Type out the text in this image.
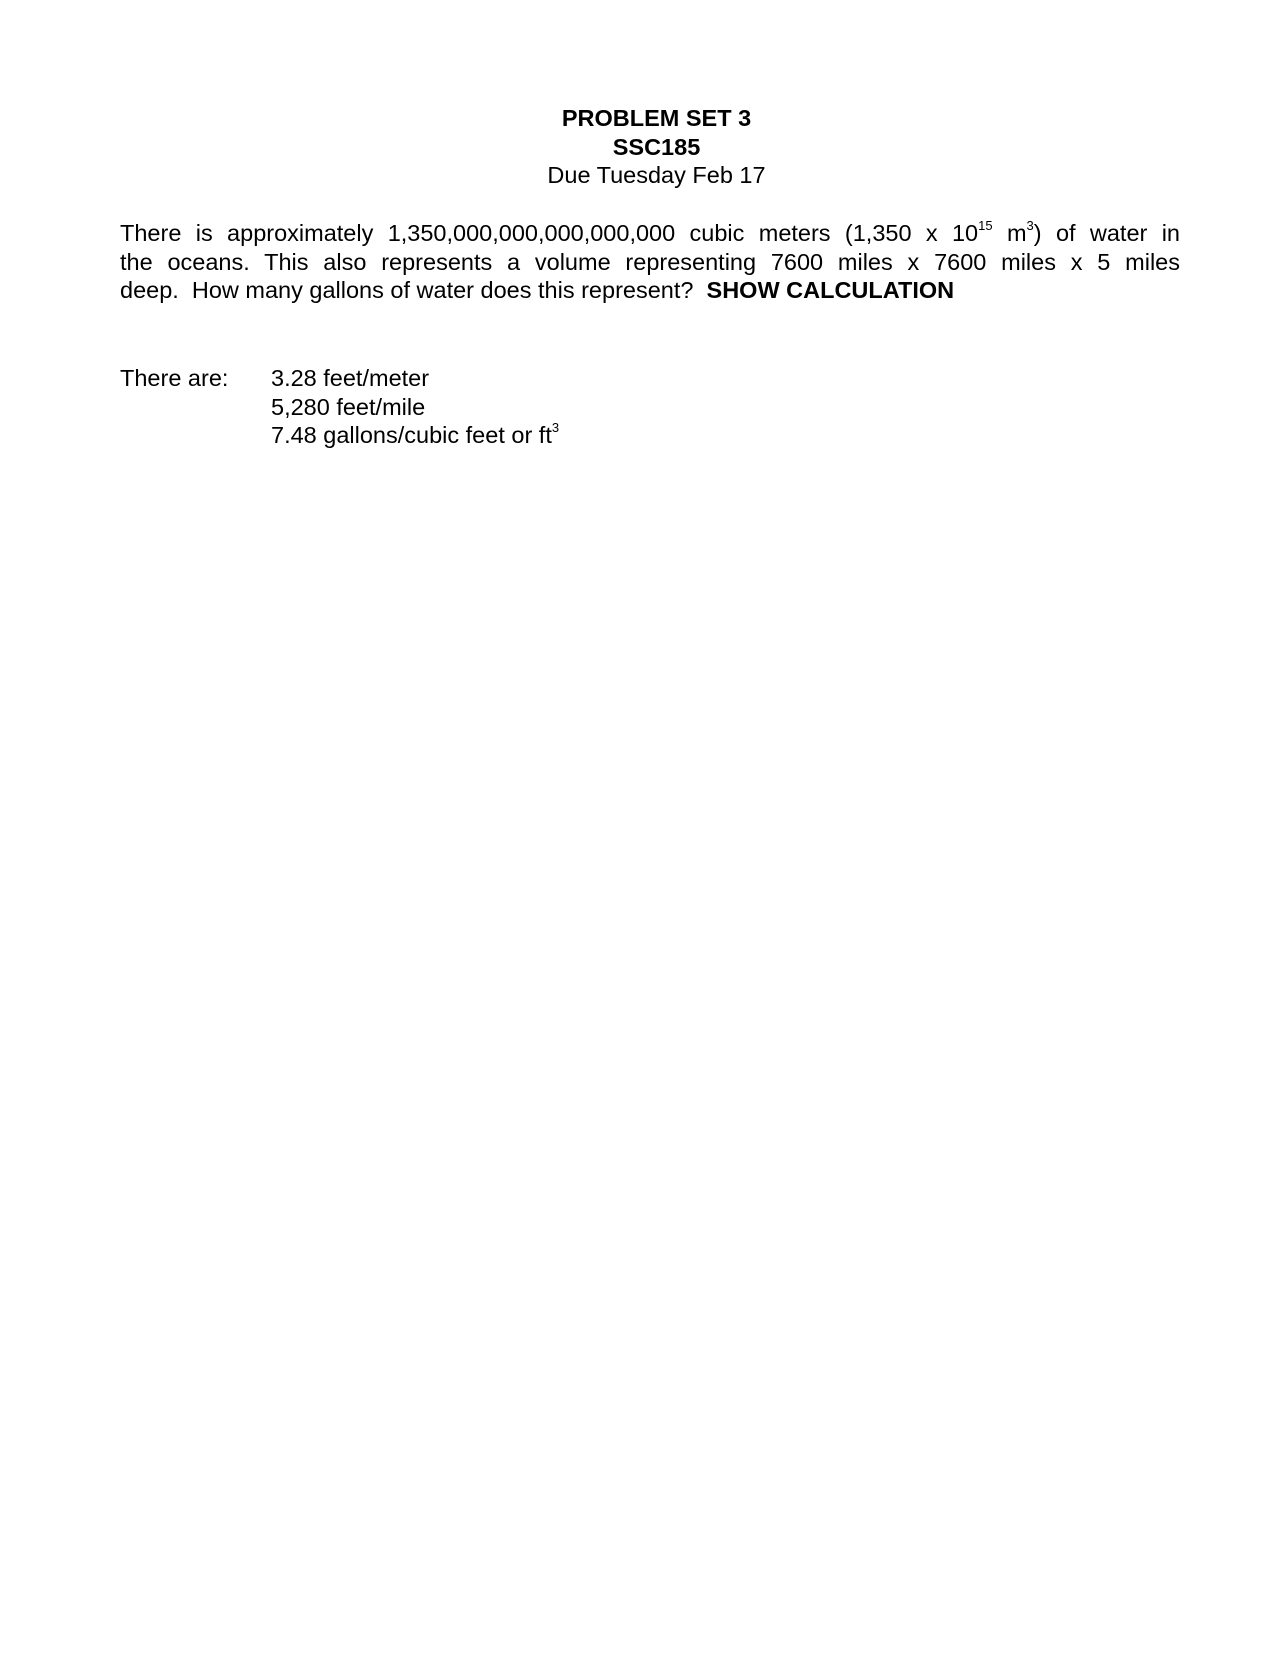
PROBLEM SET 3
SSC185
Due Tuesday Feb 17
There is approximately 1,350,000,000,000,000,000 cubic meters (1,350 x $10^{15}$ $m^3$) of water in
the oceans. This also represents a volume representing 7600 miles x 7600 miles x 5 miles
deep.  How many gallons of water does this represent?  SHOW CALCULATION
There are:	3.28 feet/meter
5,280 feet/mile
7.48 gallons/cubic feet or $ft^3$
